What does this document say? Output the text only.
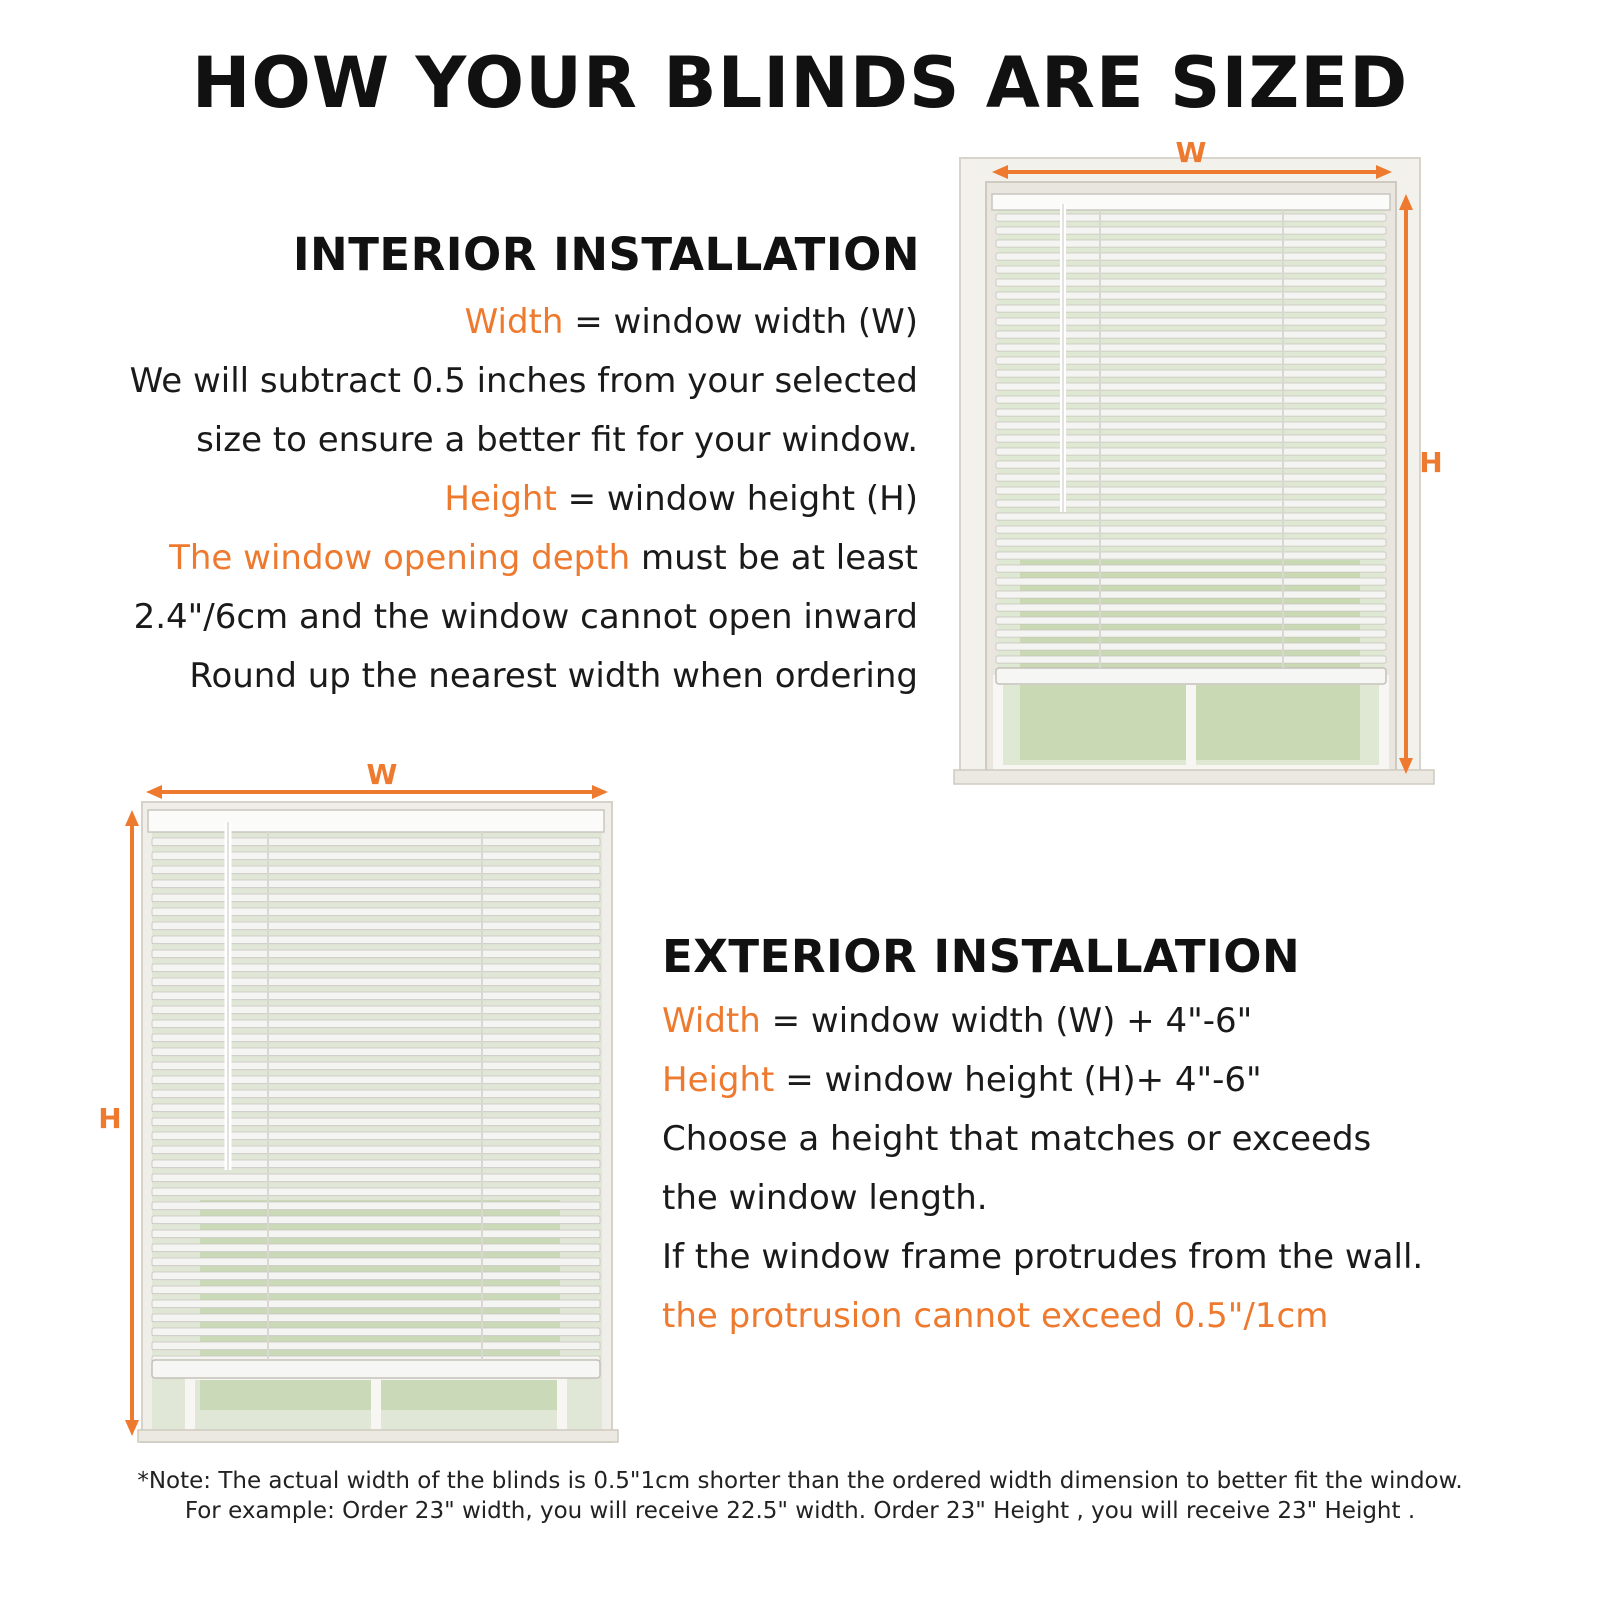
HOW YOUR BLINDS ARE SIZED
INTERIOR INSTALLATION
Width = window width (W)
We will subtract 0.5 inches from your selected
size to ensure a better fit for your window.
Height = window height (H)
The window opening depth must be at least
2.4"/6cm and the window cannot open inward
Round up the nearest width when ordering
W
H
W
H
EXTERIOR INSTALLATION
Width = window width (W) + 4"-6"
Height = window height (H)+ 4"-6"
Choose a height that matches or exceeds
the window length.
If the window frame protrudes from the wall.
the protrusion cannot exceed 0.5"/1cm
*Note: The actual width of the blinds is 0.5"1cm shorter than the ordered width dimension to better fit the window.
For example: Order 23" width, you will receive 22.5" width. Order 23" Height , you will receive 23" Height .
